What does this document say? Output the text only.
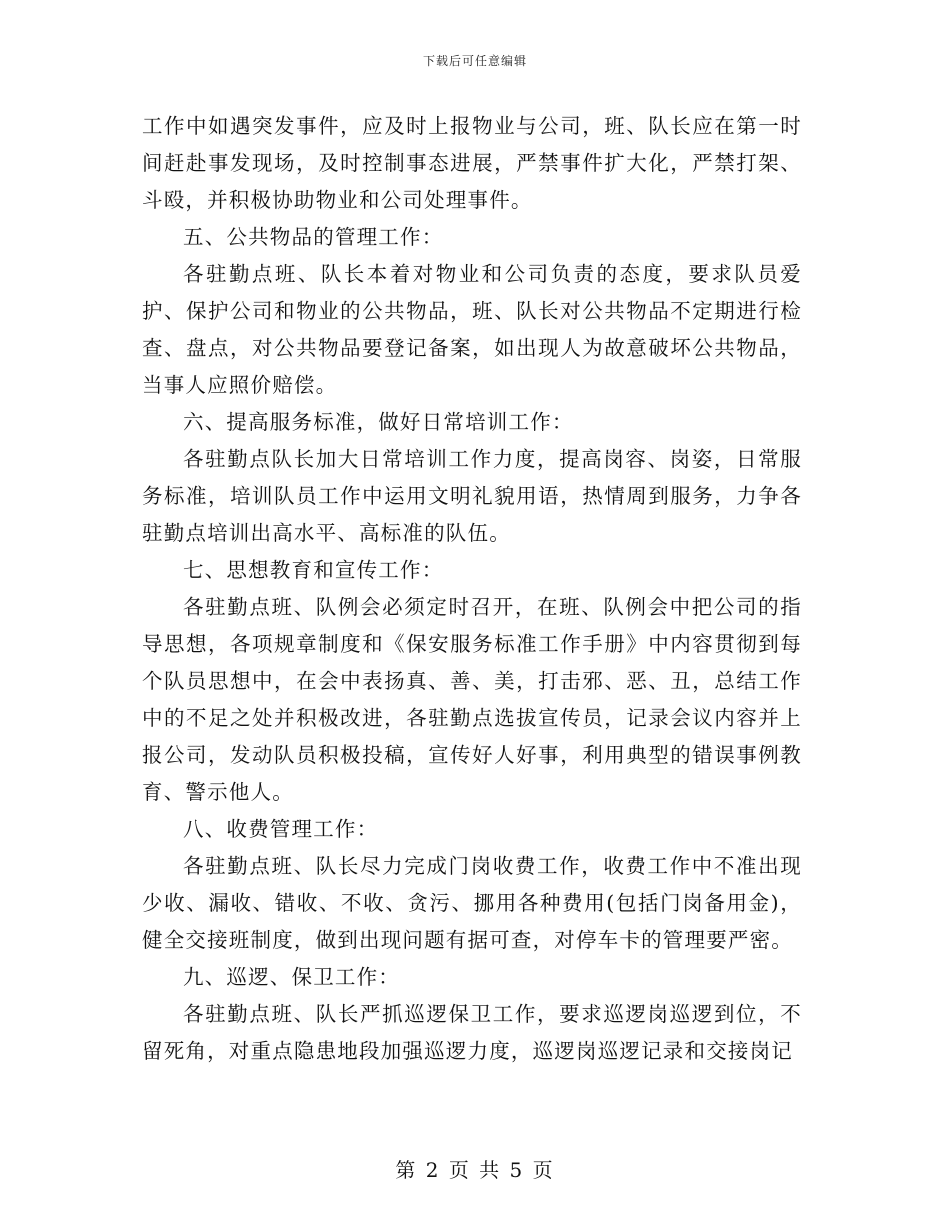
下载后可任意编辑

工作中如遇突发事件，应及时上报物业与公司，班、队长应在第一时间赶赴事发现场，及时控制事态进展，严禁事件扩大化，严禁打架、斗殴，并积极协助物业和公司处理事件。

五、公共物品的管理工作：

各驻勤点班、队长本着对物业和公司负责的态度，要求队员爱护、保护公司和物业的公共物品，班、队长对公共物品不定期进行检查、盘点，对公共物品要登记备案，如出现人为故意破坏公共物品，当事人应照价赔偿。

六、提高服务标准，做好日常培训工作：

各驻勤点队长加大日常培训工作力度，提高岗容、岗姿，日常服务标准，培训队员工作中运用文明礼貌用语，热情周到服务，力争各驻勤点培训出高水平、高标准的队伍。

七、思想教育和宣传工作：

各驻勤点班、队例会必须定时召开，在班、队例会中把公司的指导思想，各项规章制度和《保安服务标准工作手册》中内容贯彻到每个队员思想中，在会中表扬真、善、美，打击邪、恶、丑，总结工作中的不足之处并积极改进，各驻勤点选拔宣传员，记录会议内容并上报公司，发动队员积极投稿，宣传好人好事，利用典型的错误事例教育、警示他人。

八、收费管理工作：

各驻勤点班、队长尽力完成门岗收费工作，收费工作中不准出现少收、漏收、错收、不收、贪污、挪用各种费用(包括门岗备用金)，健全交接班制度，做到出现问题有据可查，对停车卡的管理要严密。

九、巡逻、保卫工作：

各驻勤点班、队长严抓巡逻保卫工作，要求巡逻岗巡逻到位，不留死角，对重点隐患地段加强巡逻力度，巡逻岗巡逻记录和交接岗记

第 2 页 共 5 页
